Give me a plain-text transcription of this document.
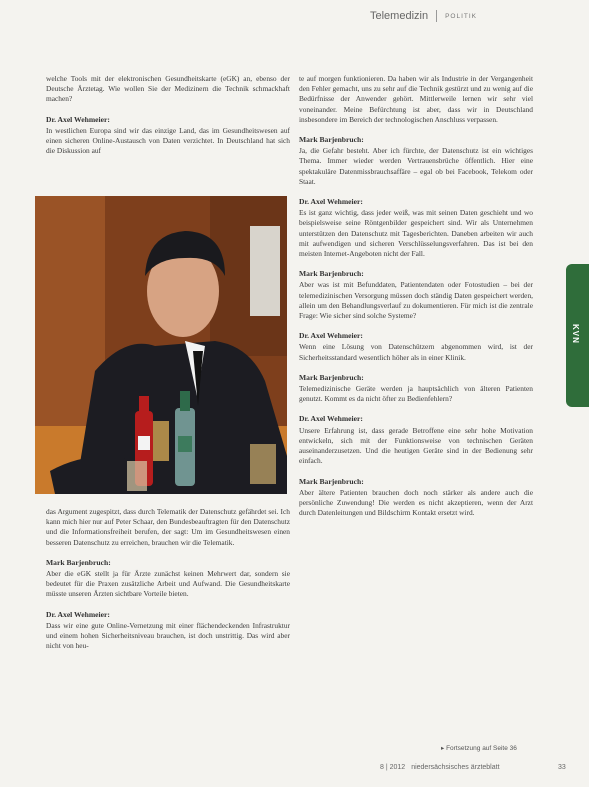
Telemedizin	POLITIK

welche Tools mit der elektronischen Gesundheitskarte (eGK) an, ebenso der Deutsche Ärztetag. Wie wollen Sie der Medizinern die Technik schmackhaft machen?

Dr. Axel Wehmeier:

In westlichen Europa sind wir das einzige Land, das im Gesundheitswesen auf einen sicheren Online-Austausch von Daten verzichtet. In Deutschland hat sich die Diskussion auf

das Argument zugespitzt, dass durch Telematik der Datenschutz gefährdet sei. Ich kann mich hier nur auf Peter Schaar, den Bundesbeauftragten für den Datenschutz und die Informationsfreiheit berufen, der sagt: Um im Gesundheitswesen einen besseren Datenschutz zu erreichen, brauchen wir die Telematik.

Mark Barjenbruch:

Aber die eGK stellt ja für Ärzte zunächst keinen Mehrwert dar, sondern sie bedeutet für die Praxen zusätzliche Arbeit und Aufwand. Die Gesundheitskarte müsste unseren Ärzten sichtbare Vorteile bieten.

Dr. Axel Wehmeier:

Dass wir eine gute Online-Vernetzung mit einer flächendeckenden Infrastruktur und einem hohen Sicherheitsniveau brauchen, ist doch unstrittig. Das wird aber nicht von heu-

te auf morgen funktionieren. Da haben wir als Industrie in der Vergangenheit den Fehler gemacht, uns zu sehr auf die Technik gestürzt und zu wenig auf die Bedürfnisse der Anwender gehört. Mittlerweile lernen wir sehr viel voneinander. Meine Befürchtung ist aber, dass wir in Deutschland insbesondere im Bereich der technologischen Anschluss verpassen.

Mark Barjenbruch:

Ja, die Gefahr besteht. Aber ich fürchte, der Datenschutz ist ein wichtiges Thema. Immer wieder werden Vertrauensbrüche öffentlich. Hier eine spektakuläre Datenmissbrauchsaffäre – egal ob bei Facebook, Telekom oder Staat.

Dr. Axel Wehmeier:

Es ist ganz wichtig, dass jeder weiß, was mit seinen Daten geschieht und wo beispielsweise seine Röntgenbilder gespeichert sind. Wir als Unternehmen unterstützen den Datenschutz mit Tagesberichten. Daneben arbeiten wir auch mit aufwendigen und sicheren Verschlüsselungsverfahren. Das ist bei den meisten Internet-Angeboten nicht der Fall.

Mark Barjenbruch:

Aber was ist mit Befunddaten, Patientendaten oder Fotostudien – bei der telemedizinischen Versorgung müssen doch ständig Daten gespeichert werden, allein um den Behandlungsverlauf zu dokumentieren. Für mich ist die zentrale Frage: Wie sicher sind solche Systeme?

Dr. Axel Wehmeier:

Wenn eine Lösung von Datenschützern abgenommen wird, ist der Sicherheitsstandard wesentlich höher als in einer Klinik.

Mark Barjenbruch:

Telemedizinische Geräte werden ja hauptsächlich von älteren Patienten genutzt. Kommt es da nicht öfter zu Bedienfehlern?

Dr. Axel Wehmeier:

Unsere Erfahrung ist, dass gerade Betroffene eine sehr hohe Motivation entwickeln, sich mit der Funktionsweise von technischen Geräten auseinanderzusetzen. Und die heutigen Geräte sind in der Bedienung sehr einfach.

Mark Barjenbruch:

Aber ältere Patienten brauchen doch noch stärker als andere auch die persönliche Zuwendung! Die werden es nicht akzeptieren, wenn der Arzt durch Datenleitungen und Bildschirm Kontakt ersetzt wird.

KVN
▸ Fortsetzung auf Seite 36
8 | 2012 niedersächsisches ärzteblatt	33
